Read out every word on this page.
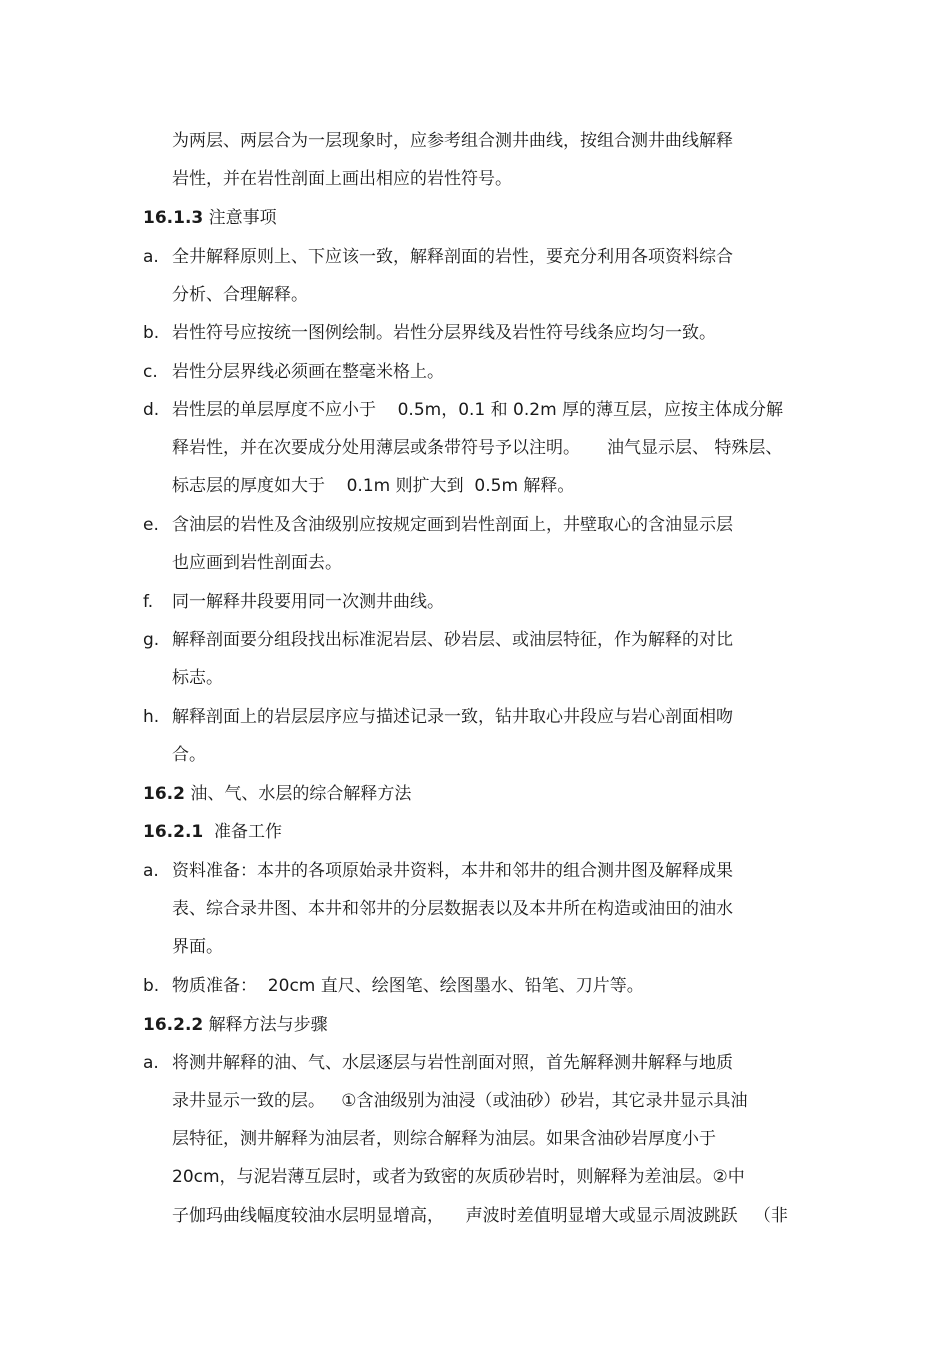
为两层、两层合为一层现象时，应参考组合测井曲线，按组合测井曲线解释
岩性，并在岩性剖面上画出相应的岩性符号。
16.1.3 注意事项
a. 全井解释原则上、下应该一致，解释剖面的岩性，要充分利用各项资料综合
分析、合理解释。
b. 岩性符号应按统一图例绘制。岩性分层界线及岩性符号线条应均匀一致。
c. 岩性分层界线必须画在整毫米格上。
d. 岩性层的单层厚度不应小于    0.5m，0.1 和 0.2m 厚的薄互层，应按主体成分解
释岩性，并在次要成分处用薄层或条带符号予以注明。     油气显示层、 特殊层、
标志层的厚度如大于    0.1m 则扩大到  0.5m 解释。
e. 含油层的岩性及含油级别应按规定画到岩性剖面上，井壁取心的含油显示层
也应画到岩性剖面去。
f. 同一解释井段要用同一次测井曲线。
g. 解释剖面要分组段找出标准泥岩层、砂岩层、或油层特征，作为解释的对比
标志。
h. 解释剖面上的岩层层序应与描述记录一致，钻井取心井段应与岩心剖面相吻
合。
16.2 油、气、水层的综合解释方法
16.2.1  准备工作
a. 资料准备：本井的各项原始录井资料，本井和邻井的组合测井图及解释成果
表、综合录井图、本井和邻井的分层数据表以及本井所在构造或油田的油水
界面。
b. 物质准备：  20cm 直尺、绘图笔、绘图墨水、铅笔、刀片等。
16.2.2 解释方法与步骤
a. 将测井解释的油、气、水层逐层与岩性剖面对照，首先解释测井解释与地质
录井显示一致的层。   ①含油级别为油浸（或油砂）砂岩，其它录井显示具油
层特征，测井解释为油层者，则综合解释为油层。如果含油砂岩厚度小于
20cm，与泥岩薄互层时，或者为致密的灰质砂岩时，则解释为差油层。②中
子伽玛曲线幅度较油水层明显增高，    声波时差值明显增大或显示周波跳跃   （非
